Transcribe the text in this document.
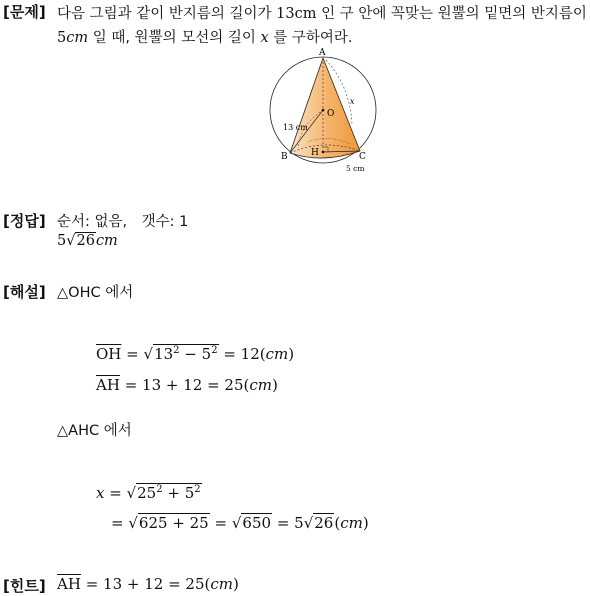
[문제] 다음 그림과 같이 반지름의 길이가 13cm 인 구 안에 꼭맞는 원뿔의 밑면의 반지름이
5cm 일 때, 원뿔의 모선의 길이 x 를 구하여라.
A
O
B	C
H
13 cm
5 cm
x
[정답] 순서: 없음,　갯수: 1
5√26cm
[해설] △OHC 에서
$\overline{OH} = √13^2 - 5^2 = 12(cm)$
$\overline{AH} = 13 + 12 = 25(cm)$
△AHC 에서
$x = √25^2 + 5^2$
= √625 + 25 = √650 = 5√26(cm)
[힌트] $\overline{AH} = 13 + 12 = 25(cm)$
